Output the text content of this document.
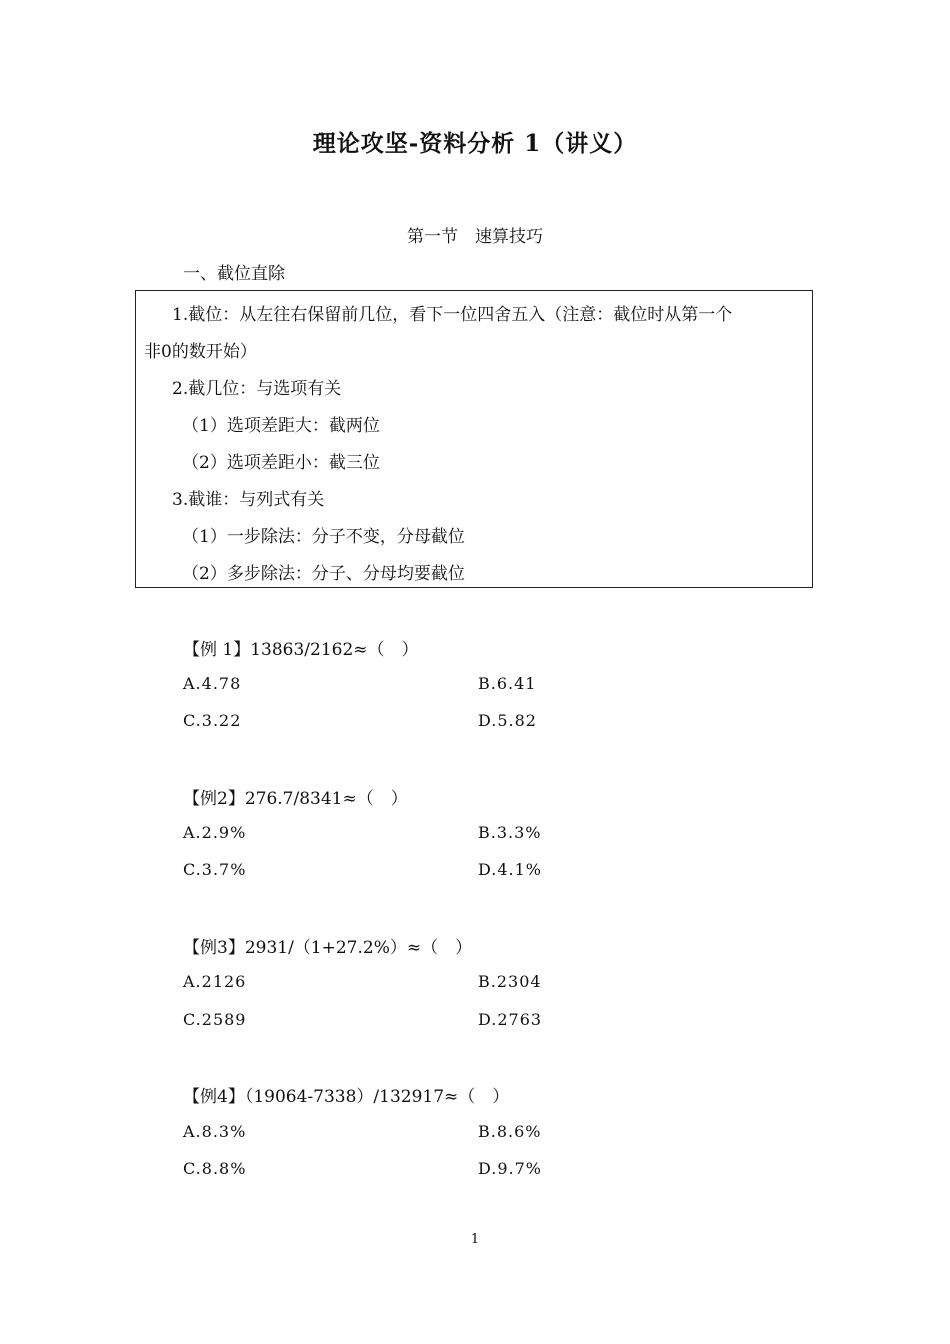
理论攻坚-资料分析 1（讲义）
第一节　速算技巧
一、截位直除
1.截位：从左往右保留前几位，看下一位四舍五入（注意：截位时从第一个
非0的数开始）
2.截几位：与选项有关
（1）选项差距大：截两位
（2）选项差距小：截三位
3.截谁：与列式有关
（1）一步除法：分子不变，分母截位
（2）多步除法：分子、分母均要截位
【例 1】13863/2162≈（　）
A.4.78	B.6.41
C.3.22	D.5.82
【例2】276.7/8341≈（　）
A.2.9%	B.3.3%
C.3.7%	D.4.1%
【例3】2931/（1+27.2%）≈（　）
A.2126	B.2304
C.2589	D.2763
【例4】（19064-7338）/132917≈（　）
A.8.3%	B.8.6%
C.8.8%	D.9.7%
1
